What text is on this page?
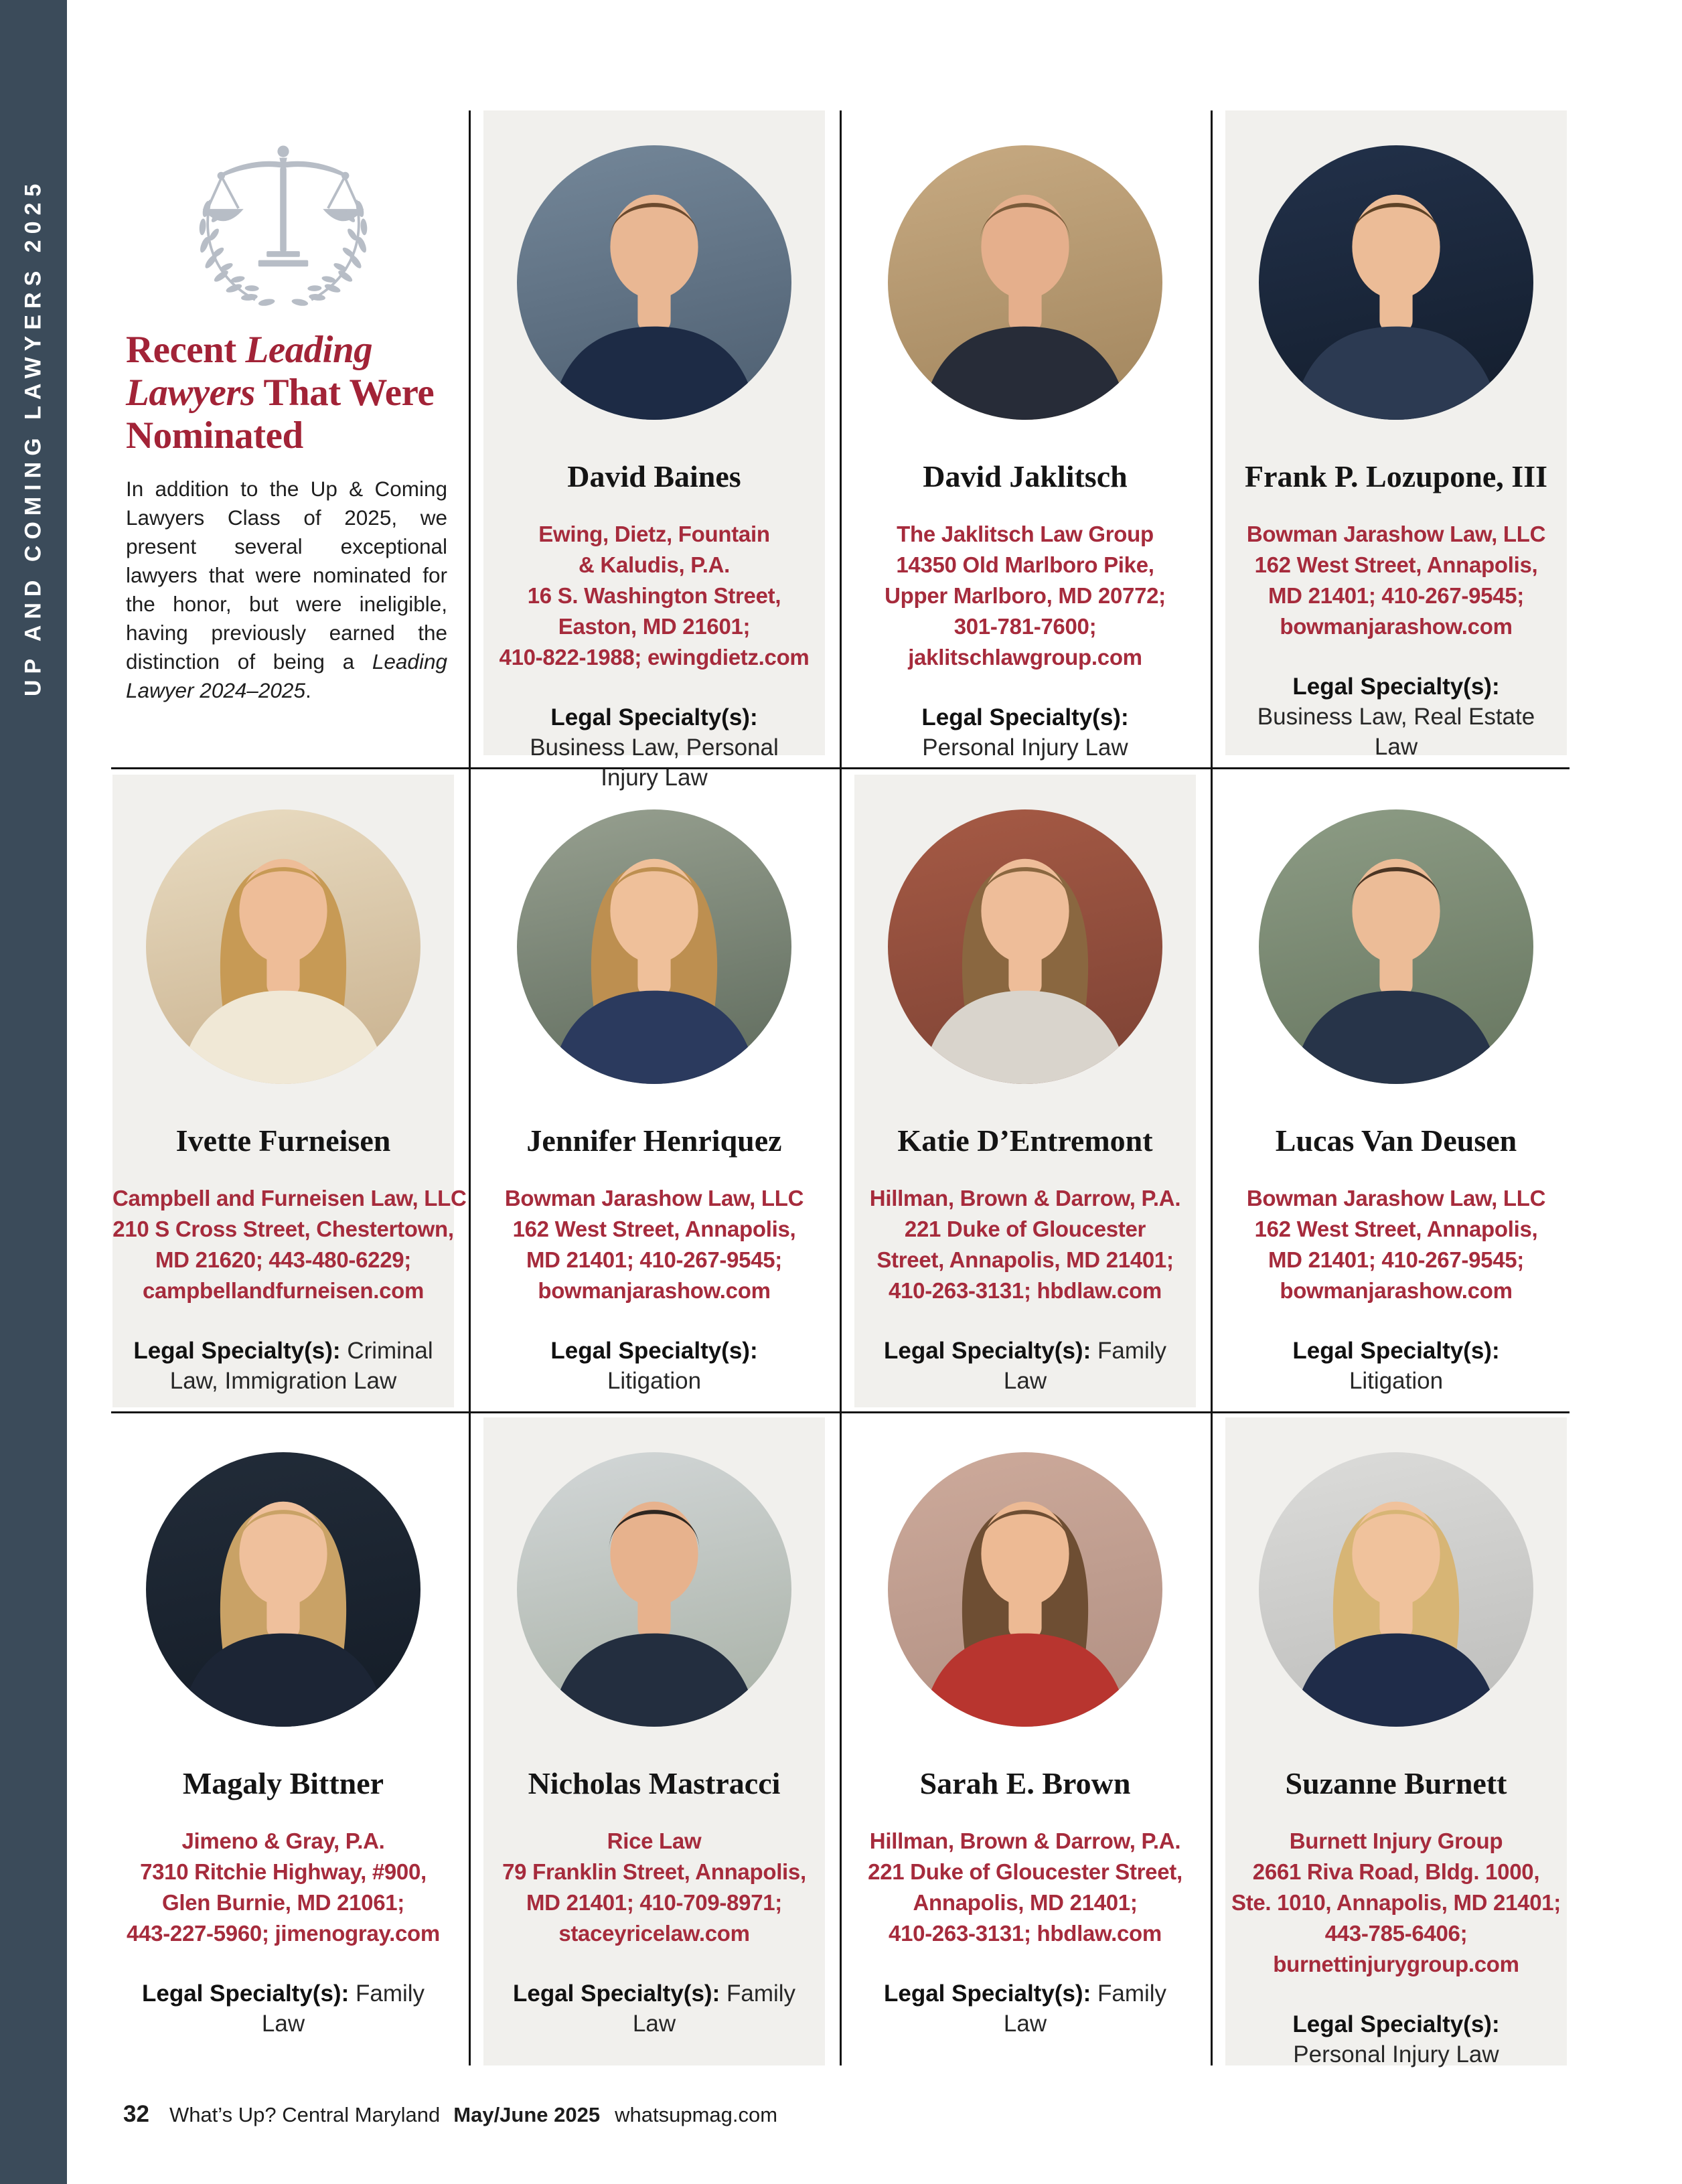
UP AND COMING LAWYERS 2025	Recent Leading Lawyers That Were Nominated

In addition to the Up & Coming Lawyers Class of 2025, we present several exceptional lawyers that were nominated for the honor, but were ineligible, having previously earned the distinction of being a Leading Lawyer 2024–2025.

David Baines
Ewing, Dietz, Fountain
& Kaludis, P.A.
16 S. Washington Street,
Easton, MD 21601;
410-822-1988; ewingdietz.com
Legal Specialty(s): Business Law, Personal Injury Law
David Jaklitsch
The Jaklitsch Law Group
14350 Old Marlboro Pike,
Upper Marlboro, MD 20772;
301-781-7600;
jaklitschlawgroup.com
Legal Specialty(s): Personal Injury Law
Frank P. Lozupone, III
Bowman Jarashow Law, LLC
162 West Street, Annapolis,
MD 21401; 410-267-9545;
bowmanjarashow.com
Legal Specialty(s): Business Law, Real Estate Law
Ivette Furneisen
Campbell and Furneisen Law, LLC
210 S Cross Street, Chestertown,
MD 21620; 443-480-6229;
campbellandfurneisen.com
Legal Specialty(s): Criminal Law, Immigration Law
Jennifer Henriquez
Bowman Jarashow Law, LLC
162 West Street, Annapolis,
MD 21401; 410-267-9545;
bowmanjarashow.com
Legal Specialty(s): Litigation
Katie D’Entremont
Hillman, Brown & Darrow, P.A.
221 Duke of Gloucester
Street, Annapolis, MD 21401;
410-263-3131; hbdlaw.com
Legal Specialty(s): Family Law
Lucas Van Deusen
Bowman Jarashow Law, LLC
162 West Street, Annapolis,
MD 21401; 410-267-9545;
bowmanjarashow.com
Legal Specialty(s): Litigation
Magaly Bittner
Jimeno & Gray, P.A.
7310 Ritchie Highway, #900,
Glen Burnie, MD 21061;
443-227-5960; jimenogray.com
Legal Specialty(s): Family Law
Nicholas Mastracci
Rice Law
79 Franklin Street, Annapolis,
MD 21401; 410-709-8971;
staceyricelaw.com
Legal Specialty(s): Family Law
Sarah E. Brown
Hillman, Brown & Darrow, P.A.
221 Duke of Gloucester Street,
Annapolis, MD 21401;
410-263-3131; hbdlaw.com
Legal Specialty(s): Family Law
Suzanne Burnett
Burnett Injury Group
2661 Riva Road, Bldg. 1000,
Ste. 1010, Annapolis, MD 21401;
443-785-6406;
burnettinjurygroup.com
Legal Specialty(s): Personal Injury Law
32 What’s Up? Central Maryland May/June 2025 whatsupmag.com
